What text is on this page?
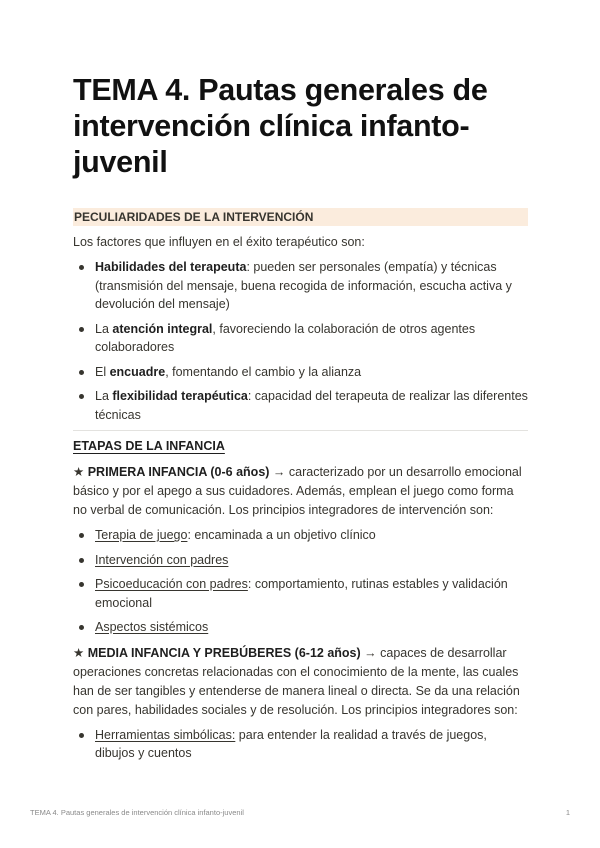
TEMA 4. Pautas generales de intervención clínica infanto-juvenil
PECULIARIDADES DE LA INTERVENCIÓN

Los factores que influyen en el éxito terapéutico son:

Habilidades del terapeuta: pueden ser personales (empatía) y técnicas (transmisión del mensaje, buena recogida de información, escucha activa y devolución del mensaje)
La atención integral, favoreciendo la colaboración de otros agentes colaboradores
El encuadre, fomentando el cambio y la alianza
La flexibilidad terapéutica: capacidad del terapeuta de realizar las diferentes técnicas
ETAPAS DE LA INFANCIA

★ PRIMERA INFANCIA (0-6 años) → caracterizado por un desarrollo emocional básico y por el apego a sus cuidadores. Además, emplean el juego como forma no verbal de comunicación. Los principios integradores de intervención son:

Terapia de juego: encaminada a un objetivo clínico
Intervención con padres
Psicoeducación con padres: comportamiento, rutinas estables y validación emocional
Aspectos sistémicos

★ MEDIA INFANCIA Y PREBÚBERES (6-12 años) → capaces de desarrollar operaciones concretas relacionadas con el conocimiento de la mente, las cuales han de ser tangibles y entenderse de manera lineal o directa. Se da una relación con pares, habilidades sociales y de resolución. Los principios integradores son:

Herramientas simbólicas: para entender la realidad a través de juegos, dibujos y cuentos
TEMA 4. Pautas generales de intervención clínica infanto-juvenil	1
